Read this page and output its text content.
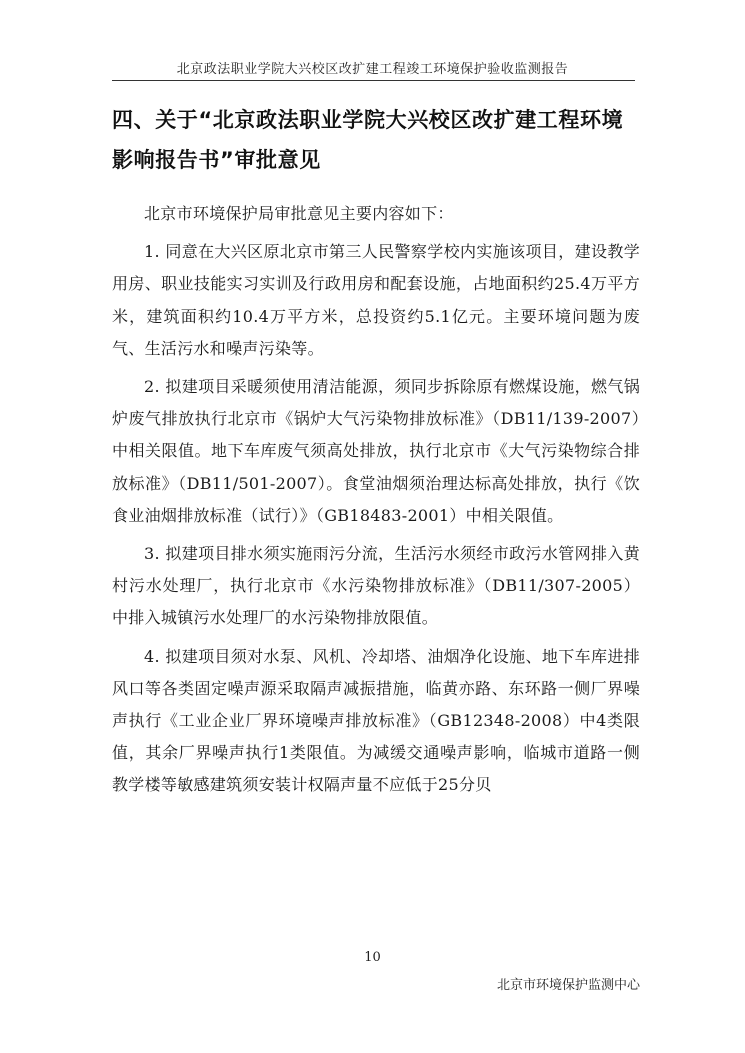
北京政法职业学院大兴校区改扩建工程竣工环境保护验收监测报告
四、关于“北京政法职业学院大兴校区改扩建工程环境影响报告书”审批意见

北京市环境保护局审批意见主要内容如下：

1. 同意在大兴区原北京市第三人民警察学校内实施该项目，建设教学用房、职业技能实习实训及行政用房和配套设施，占地面积约25.4万平方米，建筑面积约10.4万平方米，总投资约5.1亿元。主要环境问题为废气、生活污水和噪声污染等。

2. 拟建项目采暖须使用清洁能源，须同步拆除原有燃煤设施，燃气锅炉废气排放执行北京市《锅炉大气污染物排放标准》（DB11/139-2007）中相关限值。地下车库废气须高处排放，执行北京市《大气污染物综合排放标准》（DB11/501-2007）。食堂油烟须治理达标高处排放，执行《饮食业油烟排放标准（试行）》（GB18483-2001）中相关限值。

3. 拟建项目排水须实施雨污分流，生活污水须经市政污水管网排入黄村污水处理厂，执行北京市《水污染物排放标准》（DB11/307-2005）中排入城镇污水处理厂的水污染物排放限值。

4. 拟建项目须对水泵、风机、冷却塔、油烟净化设施、地下车库进排风口等各类固定噪声源采取隔声减振措施，临黄亦路、东环路一侧厂界噪声执行《工业企业厂界环境噪声排放标准》（GB12348-2008）中4类限值，其余厂界噪声执行1类限值。为减缓交通噪声影响，临城市道路一侧教学楼等敏感建筑须安装计权隔声量不应低于25分贝

10
北京市环境保护监测中心
